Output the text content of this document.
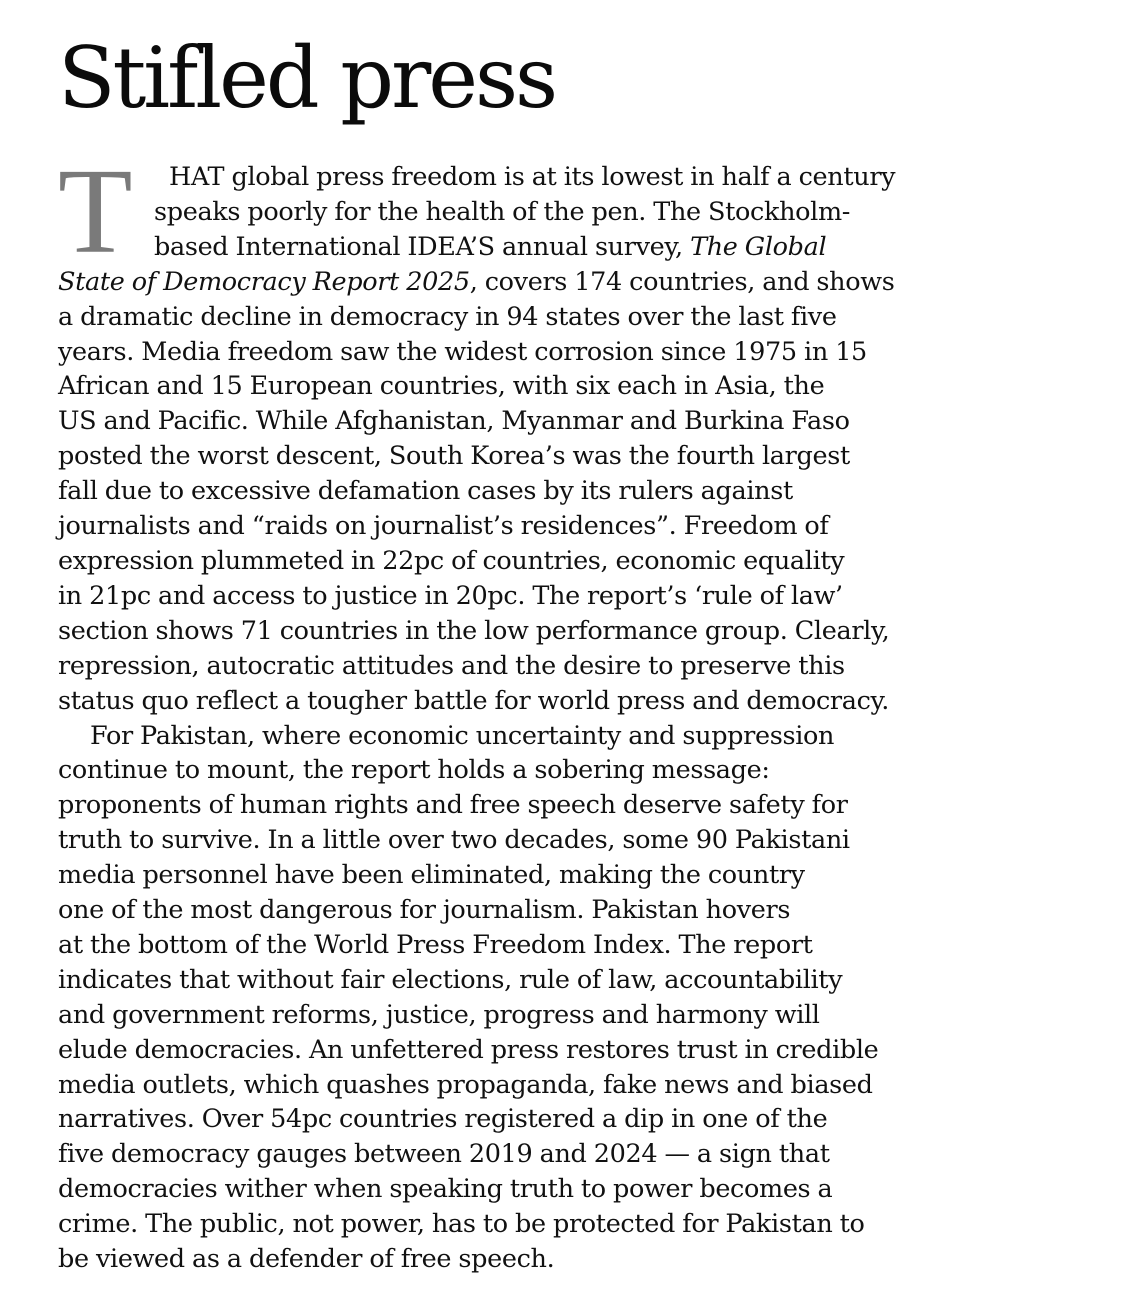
Stifled press

T	HAT global press freedom is at its lowest in half a century
speaks poorly for the health of the pen. The Stockholm-
based International IDEA’S annual survey, The Global
State of Democracy Report 2025, covers 174 countries, and shows
a dramatic decline in democracy in 94 states over the last five
years. Media freedom saw the widest corrosion since 1975 in 15
African and 15 European countries, with six each in Asia, the
US and Pacific. While Afghanistan, Myanmar and Burkina Faso
posted the worst descent, South Korea’s was the fourth largest
fall due to excessive defamation cases by its rulers against
journalists and “raids on journalist’s residences”. Freedom of
expression plummeted in 22pc of countries, economic equality
in 21pc and access to justice in 20pc. The report’s ‘rule of law’
section shows 71 countries in the low performance group. Clearly,
repression, autocratic attitudes and the desire to preserve this
status quo reflect a tougher battle for world press and democracy.

For Pakistan, where economic uncertainty and suppression
continue to mount, the report holds a sobering message:
proponents of human rights and free speech deserve safety for
truth to survive. In a little over two decades, some 90 Pakistani
media personnel have been eliminated, making the country
one of the most dangerous for journalism. Pakistan hovers
at the bottom of the World Press Freedom Index. The report
indicates that without fair elections, rule of law, accountability
and government reforms, justice, progress and harmony will
elude democracies. An unfettered press restores trust in credible
media outlets, which quashes propaganda, fake news and biased
narratives. Over 54pc countries registered a dip in one of the
five democracy gauges between 2019 and 2024 — a sign that
democracies wither when speaking truth to power becomes a
crime. The public, not power, has to be protected for Pakistan to
be viewed as a defender of free speech.
